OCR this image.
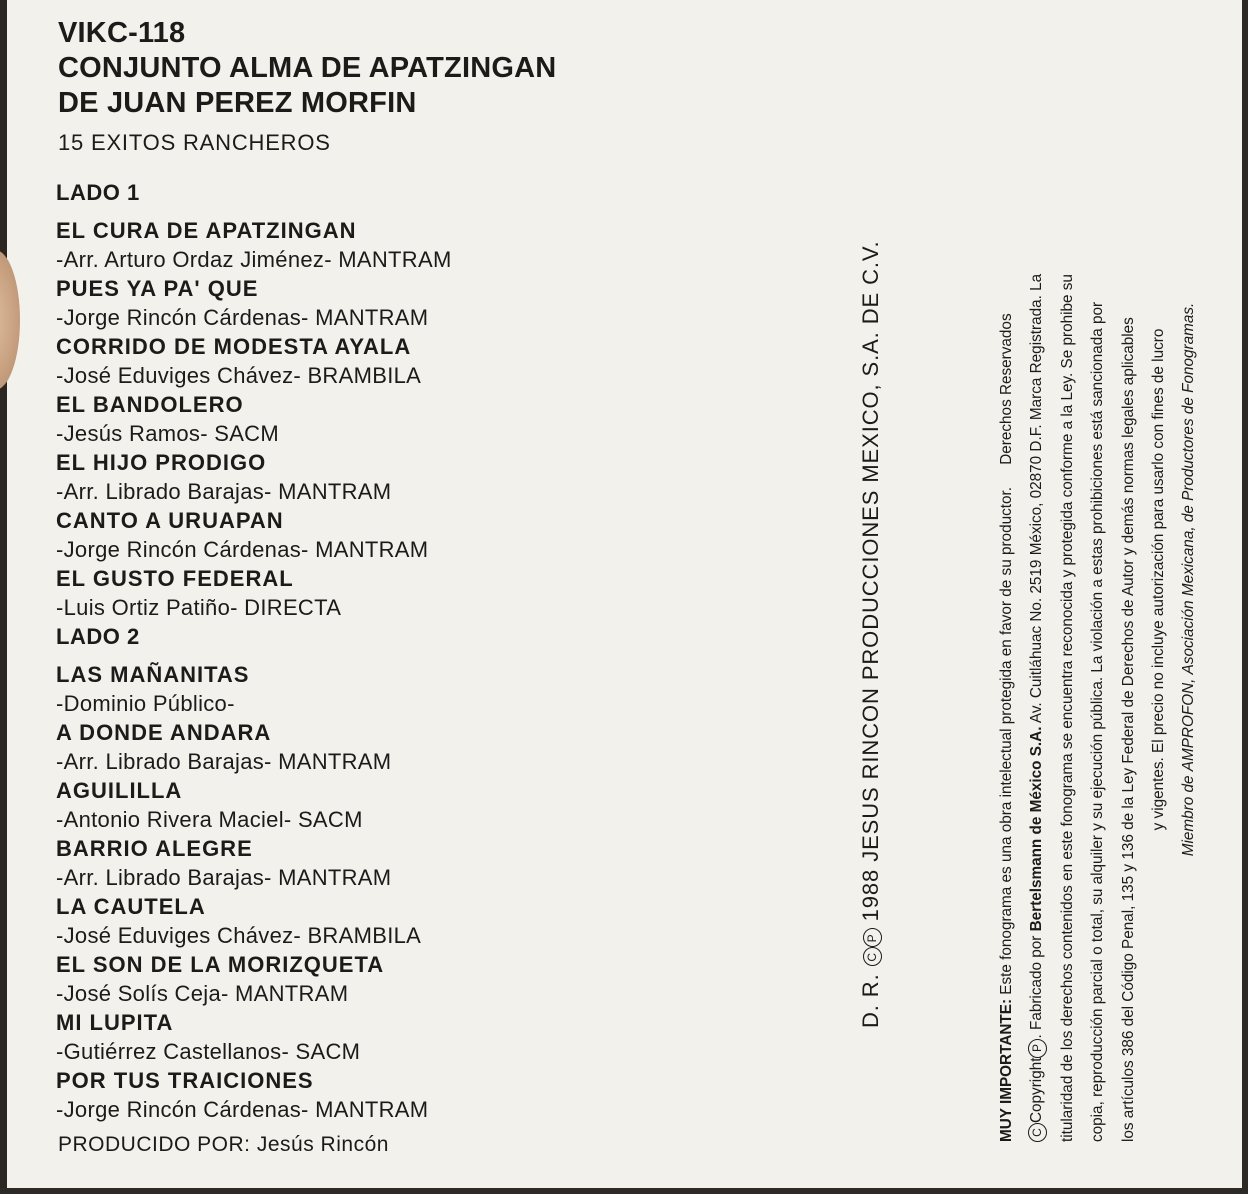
VIKC-118
CONJUNTO ALMA DE APATZINGAN
DE JUAN PEREZ MORFIN
15 EXITOS RANCHEROS
LADO 1
EL CURA DE APATZINGAN
-Arr. Arturo Ordaz Jiménez- MANTRAM
PUES YA PA' QUE
-Jorge Rincón Cárdenas- MANTRAM
CORRIDO DE MODESTA AYALA
-José Eduviges Chávez- BRAMBILA
EL BANDOLERO
-Jesús Ramos- SACM
EL HIJO PRODIGO
-Arr. Librado Barajas- MANTRAM
CANTO A URUAPAN
-Jorge Rincón Cárdenas- MANTRAM
EL GUSTO FEDERAL
-Luis Ortiz Patiño- DIRECTA
LADO 2
LAS MAÑANITAS
-Dominio Público-
A DONDE ANDARA
-Arr. Librado Barajas- MANTRAM
AGUILILLA
-Antonio Rivera Maciel- SACM
BARRIO ALEGRE
-Arr. Librado Barajas- MANTRAM
LA CAUTELA
-José Eduviges Chávez- BRAMBILA
EL SON DE LA MORIZQUETA
-José Solís Ceja- MANTRAM
MI LUPITA
-Gutiérrez Castellanos- SACM
POR TUS TRAICIONES
-Jorge Rincón Cárdenas- MANTRAM
PRODUCIDO POR: Jesús Rincón
D. R. CP 1988 JESUS RINCON PRODUCCIONES MEXICO, S.A. DE C.V.

MUY IMPORTANTE: Este fonograma es una obra intelectual protegida en favor de su productor. Derechos Reservados

CCopyrightP. Fabricado por Bertelsmann de México S.A. Av. Cuitláhuac No. 2519 México, 02870 D.F. Marca Registrada. La titularidad de los derechos contenidos en este fonograma se encuentra reconocida y protegida conforme a la Ley. Se prohibe su copia, reproducción parcial o total, su alquiler y su ejecución pública. La violación a estas prohibiciones está sancionada por los artículos 386 del Código Penal, 135 y 136 de la Ley Federal de Derechos de Autor y demás normas legales aplicables y vigentes. El precio no incluye autorización para usarlo con fines de lucro Miembro de AMPROFON, Asociación Mexicana, de Productores de Fonogramas.
